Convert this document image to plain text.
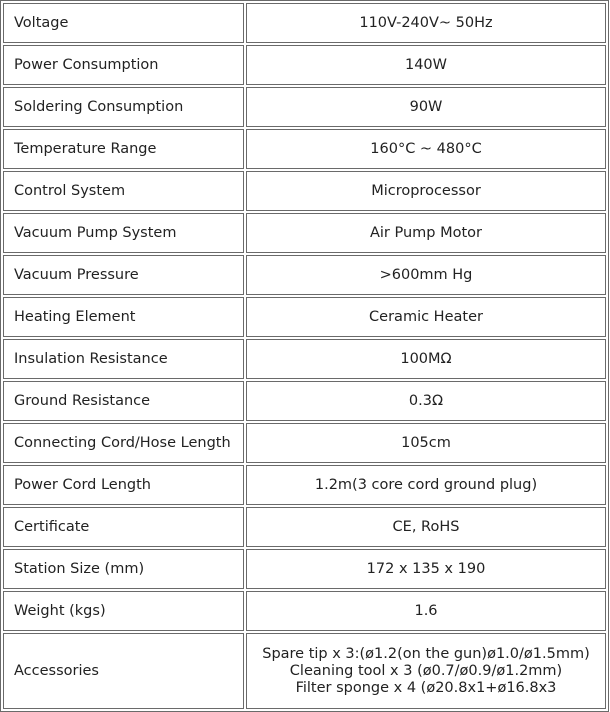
Voltage	110V-240V~ 50Hz
Power Consumption	140W
Soldering Consumption	90W
Temperature Range	160°C ~ 480°C
Control System	Microprocessor
Vacuum Pump System	Air Pump Motor
Vacuum Pressure	>600mm Hg
Heating Element	Ceramic Heater
Insulation Resistance	100MΩ
Ground Resistance	0.3Ω
Connecting Cord/Hose Length	105cm
Power Cord Length	1.2m(3 core cord ground plug)
Certificate	CE, RoHS
Station Size (mm)	172 x 135 x 190
Weight (kgs)	1.6
Accessories	Spare tip x 3:(ø1.2(on the gun)ø1.0/ø1.5mm)
Cleaning tool x 3 (ø0.7/ø0.9/ø1.2mm)
Filter sponge x 4 (ø20.8x1+ø16.8x3
